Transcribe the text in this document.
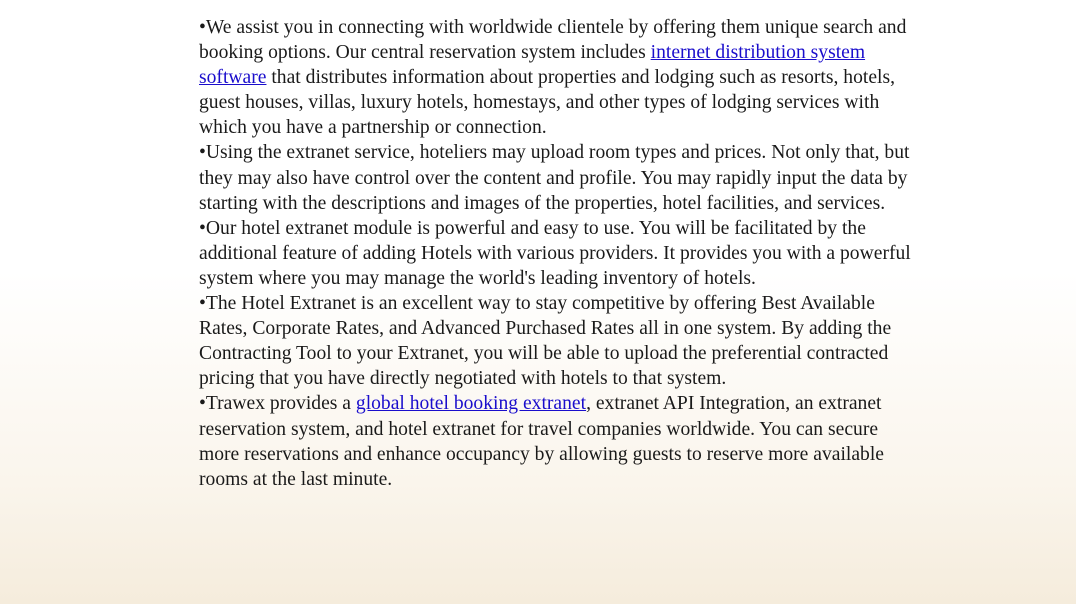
•We assist you in connecting with worldwide clientele by offering them unique search and booking options. Our central reservation system includes internet distribution system software that distributes information about properties and lodging such as resorts, hotels, guest houses, villas, luxury hotels, homestays, and other types of lodging services with which you have a partnership or connection.

•Using the extranet service, hoteliers may upload room types and prices. Not only that, but they may also have control over the content and profile. You may rapidly input the data by starting with the descriptions and images of the properties, hotel facilities, and services.

•Our hotel extranet module is powerful and easy to use. You will be facilitated by the additional feature of adding Hotels with various providers. It provides you with a powerful system where you may manage the world's leading inventory of hotels.

•The Hotel Extranet is an excellent way to stay competitive by offering Best Available Rates, Corporate Rates, and Advanced Purchased Rates all in one system. By adding the Contracting Tool to your Extranet, you will be able to upload the preferential contracted pricing that you have directly negotiated with hotels to that system.

•Trawex provides a global hotel booking extranet, extranet API Integration, an extranet reservation system, and hotel extranet for travel companies worldwide. You can secure more reservations and enhance occupancy by allowing guests to reserve more available rooms at the last minute.
